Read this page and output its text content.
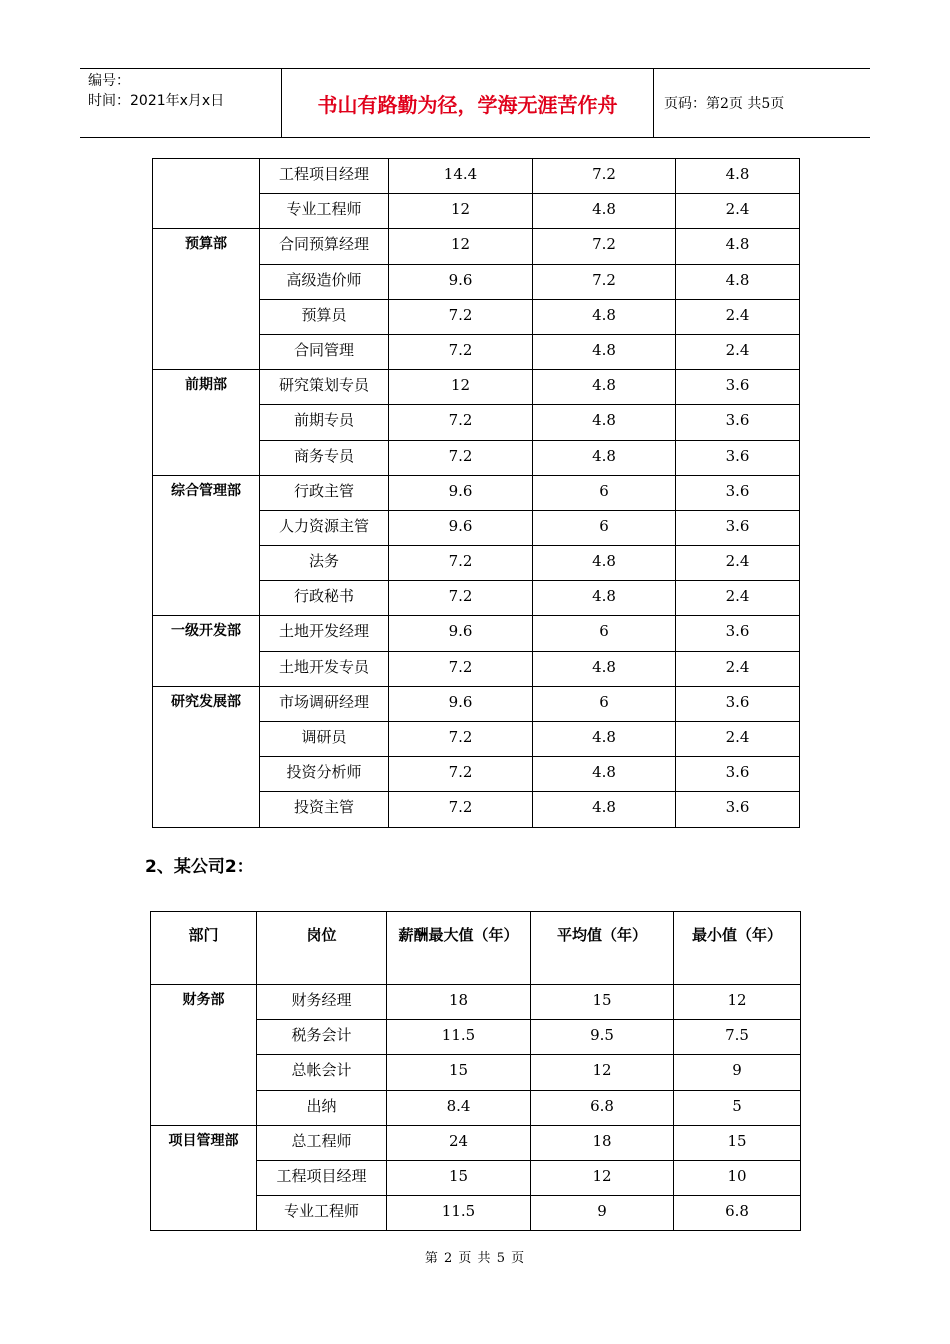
编号：
时间：2021年x月x日	书山有路勤为径，学海无涯苦作舟	页码：第2页 共5页
	工程项目经理	14.4	7.2	4.8
	专业工程师	12	4.8	2.4
预算部	合同预算经理	12	7.2	4.8
	高级造价师	9.6	7.2	4.8
	预算员	7.2	4.8	2.4
	合同管理	7.2	4.8	2.4
前期部	研究策划专员	12	4.8	3.6
	前期专员	7.2	4.8	3.6
	商务专员	7.2	4.8	3.6
综合管理部	行政主管	9.6	6	3.6
	人力资源主管	9.6	6	3.6
	法务	7.2	4.8	2.4
	行政秘书	7.2	4.8	2.4
一级开发部	土地开发经理	9.6	6	3.6
	土地开发专员	7.2	4.8	2.4
研究发展部	市场调研经理	9.6	6	3.6
	调研员	7.2	4.8	2.4
	投资分析师	7.2	4.8	3.6
	投资主管	7.2	4.8	3.6
2、某公司2：
部门	岗位	薪酬最大值（年）	平均值（年）	最小值（年）
财务部	财务经理	18	15	12
	税务会计	11.5	9.5	7.5
	总帐会计	15	12	9
	出纳	8.4	6.8	5
项目管理部	总工程师	24	18	15
	工程项目经理	15	12	10
	专业工程师	11.5	9	6.8
第 2 页 共 5 页
